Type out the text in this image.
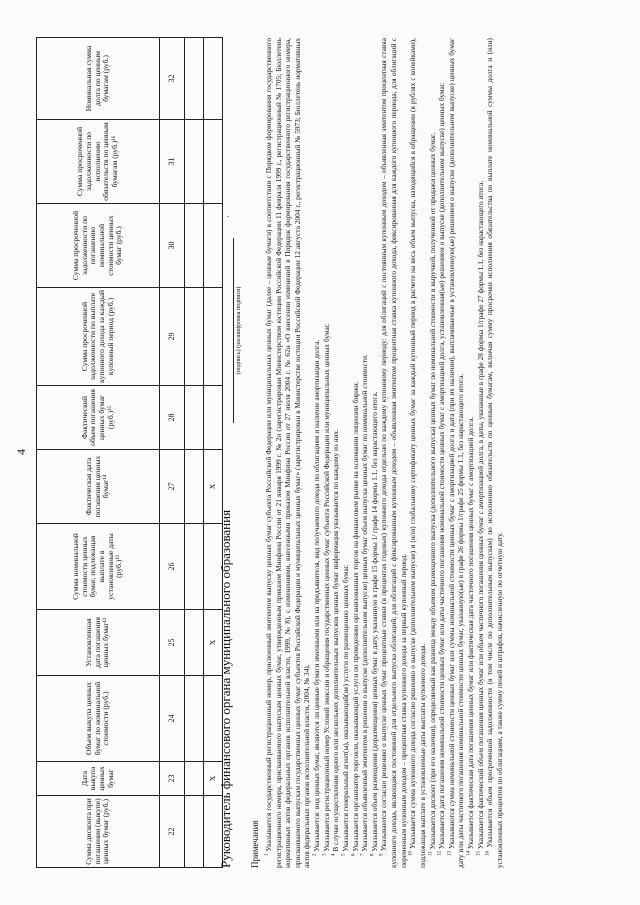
4
Сумма дисконта при погашении (выкупе) ценных бумаг (руб.)	Дата выкупа ценных бумаг	Объем выкупа ценных бумаг по номинальной стоимости (руб.)	Установленная дата погашения ценных бумаг¹³	Сумма номинальной стоимости ценных бумаг, подлежащая выплате в установленные даты (руб.)¹³	Фактическая дата погашения ценных бумаг¹⁴	Фактический объем погашения ценных бумаг (руб.)¹⁵	Сумма просроченной задолженности по выплате купонного дохода за каждый купонный период (руб.)	Сумма просроченной задолженности по погашению номинальной стоимости ценных бумаг (руб.)	Сумма просроченной задолженности по исполнению обязательств по ценным бумагам (руб.)¹⁶	Номинальная сумма долга по ценным бумагам (руб.)
22	23	24	25	26	27	28	29	30	31	32

	X		X		X					
Руководитель финансового органа муниципального образования
(подпись) (расшифровка подписи)
˙
Примечания $^1$ Указывается государственный регистрационный номер, присвоенный эмитентом выпуску ценных бумаг субъекта Российской Федерации или муниципальных ценных бумаг (далее – ценные бумаги) в соответствии с Порядком формирования государственного регистрационного номера, присваиваемого выпускам ценных бумаг, утвержденным приказом Минфина России от 21 января 1999 г. № 2н (зарегистрирован Министерством юстиции Российской Федерации 11 февраля 1999 г., регистрационный № 1705; Бюллетень нормативных актов федеральных органов исполнительной власти, 1999, № 8), с изменениями, внесенными приказом Минфина России от 27 июля 2004 г. № 62н «О внесении изменений в Порядок формирования государственного регистрационного номера, присваиваемого выпускам государственных ценных бумаг субъектов Российской Федерации и муниципальных ценных бумаг» (зарегистрирован в Министерстве юстиции Российской Федерации 12 августа 2004 г., регистрационный № 5973; Бюллетень нормативных актов федеральных органов исполнительной власти, 2004, № 34). $^2$ Указывается: вид ценных бумаг, являются ли ценные бумаги именными или на предъявителя, вид получаемого дохода по облигациям и наличие амортизации долга.

$^3$ Указывается регистрационный номер Условий эмиссии и обращения государственных ценных бумаг субъекта Российской Федерации или муниципальных ценных бумаг.

$^4$ В случае осуществления одного или нескольких дополнительных выпусков ценных бумаг информация указывается по каждому из них.

$^5$ Указывается генеральный агент(ы), оказывающий(ие) услуги по размещению ценных бумаг.

$^6$ Указывается организатор торговли, оказывающий услуги по проведению организованных торгов на финансовом рынке на основании лицензии биржи.

$^7$ Указывается объявленный эмитентом в решении о выпуске (дополнительном выпуске) ценных бумаг объем выпуска ценных бумаг по номинальной стоимости.

$^8$ Указывается объем размещения (доразмещения) ценных бумаг в дату, указанную в графе 15 формы 1/ графе 14 формы 1.1, без нарастающего итога.

$^9$ Указываются согласно решению о выпуске ценных бумаг процентные ставки (в процентах годовых) купонного дохода отдельно по каждому купонному периоду: для облигаций с постоянным купонным доходом – объявленная эмитентом процентная ставка купонного дохода, являющаяся постоянной для отдельного выпуска облигаций; для облигаций с фиксированным купонным доходом – объявленная эмитентом процентная ставка купонного дохода, фиксированная для каждого купонного периода; для облигаций с переменным купонным доходом – процентная ставка купонного дохода за первый купонный период. $^{10}$ Указывается сумма купонного дохода согласно решению о выпуске (дополнительном выпуске) и (или) глобальному сертификату ценных бумаг за каждый купонный период в расчете на весь объем выпуска, находящийся в обращении (в рублях с копейками), подлежащая выплате в установленные даты выплаты купонного дохода. $^{11}$ Указывается дисконт (при его наличии), определяемый как разница между объемом размещенного выпуска (дополнительного выпуска) ценных бумаг по номинальной стоимости и выручкой, полученной от продажи ценных бумаг.

$^{12}$ Указывается дата погашения номинальной стоимости ценных бумаг или даты частичного погашения номинальной стоимости ценных бумаг с амортизацией долга, установленная(ые) решением о выпуске (дополнительном выпуске) ценных бумаг.

$^{13}$ Указываются сумма номинальной стоимости ценных бумаг или суммы номинальной стоимости ценных бумаг с амортизацией долга и дата (при их наличии), выплачиваемые в установленную(ые) решением о выпуске (дополнительном выпуске) ценных бумаг дату или даты частичного погашения номинальной стоимости ценных бумаг, указанную(ые) в графе 26 формы 1/графе 25 формы 1.1, без нарастающего итога. $^{14}$ Указывается фактическая дата погашения ценных бумаг или фактическая дата частичного погашения ценных бумаг с амортизацией долга.

$^{15}$ Указывается фактический объем погашения ценных бумаг или объем частичного погашения ценных бумаг с амортизацией долга, в даты, указанные в графе 28 формы 1/графе 27 формы 1.1, без нарастающего итога.

$^{16}$ Указывается объем просроченной задолженности (в том числе по дополнительным выпускам) по исполнению обязательств по ценным бумагам, включая сумму просрочки исполнения обязательства по выплате номинальной суммы долга и (или) установленных процентов по облигациям, а также сумму пеней и штрафов, начисленную по отчетную дату.
